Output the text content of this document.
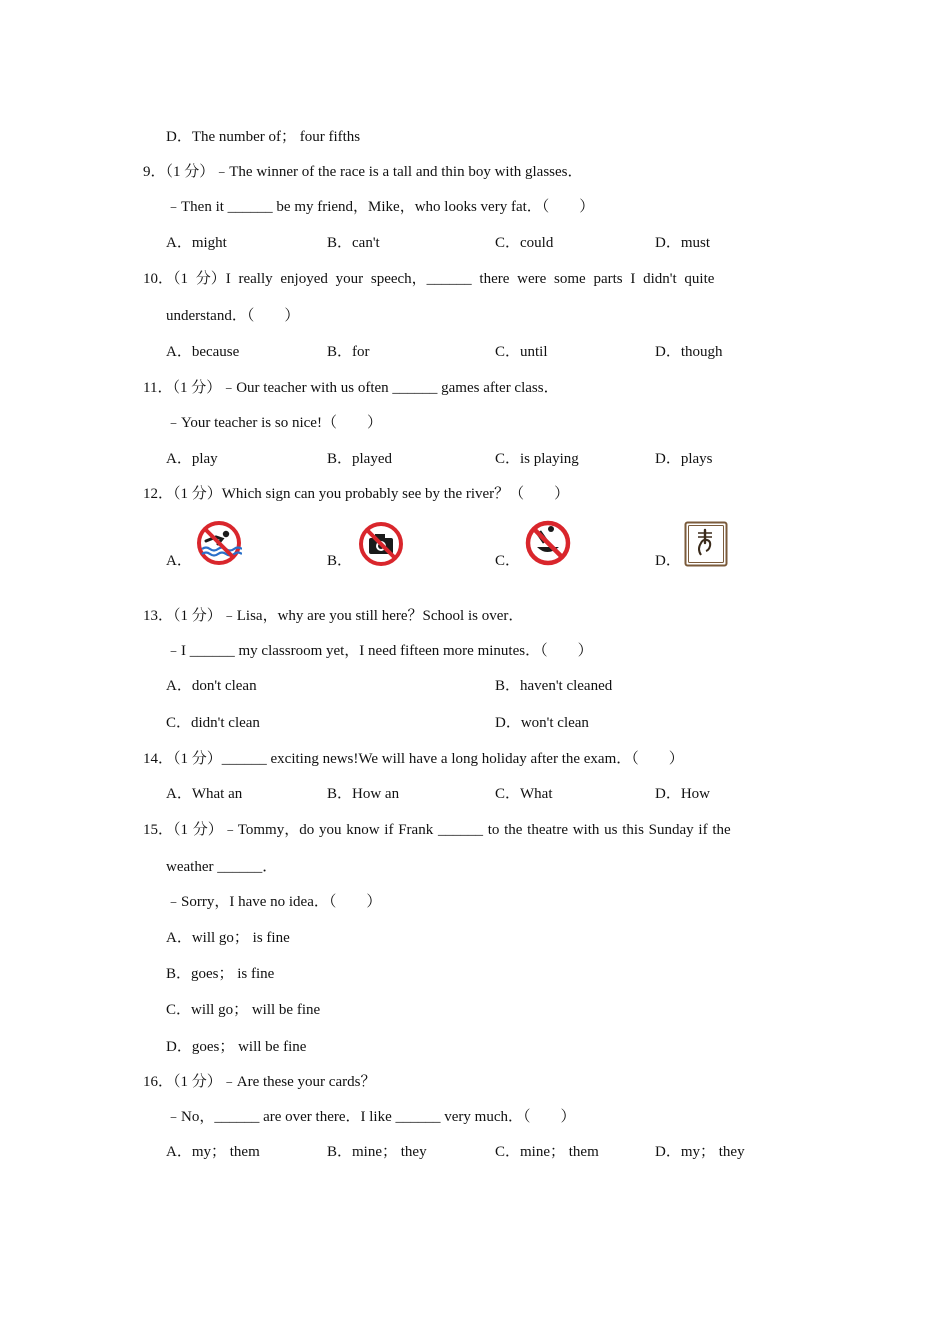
D．The number of； four fifths
9．（1 分）﹣The winner of the race is a tall and thin boy with glasses．
﹣Then it ______ be my friend，Mike，who looks very fat．（　　）
A．might	B．can't	C．could	D．must
10．（1 分）I really enjoyed your speech，______ there were some parts I didn't quite
understand．（　　）
A．because	B．for	C．until	D．though
11．（1 分）﹣Our teacher with us often ______ games after class．
﹣Your teacher is so nice!（　　）
A．play	B．played	C．is playing	D．plays
12．（1 分）Which sign can you probably see by the river？（　　）
A．	B．	C．	D．
13．（1 分）﹣Lisa，why are you still here？School is over．
﹣I ______ my classroom yet，I need fifteen more minutes．（　　）
A．don't clean	B．haven't cleaned
C．didn't clean	D．won't clean
14．（1 分）______ exciting news!We will have a long holiday after the exam．（　　）
A．What an	B．How an	C．What	D．How
15．（1 分）﹣Tommy，do you know if Frank ______ to the theatre with us this Sunday if the
weather ______．
﹣Sorry，I have no idea．（　　）
A．will go； is fine
B．goes； is fine
C．will go； will be fine
D．goes； will be fine
16．（1 分）﹣Are these your cards？
﹣No，______ are over there．I like ______ very much．（　　）
A．my； them	B．mine； they	C．mine； them	D．my； they
